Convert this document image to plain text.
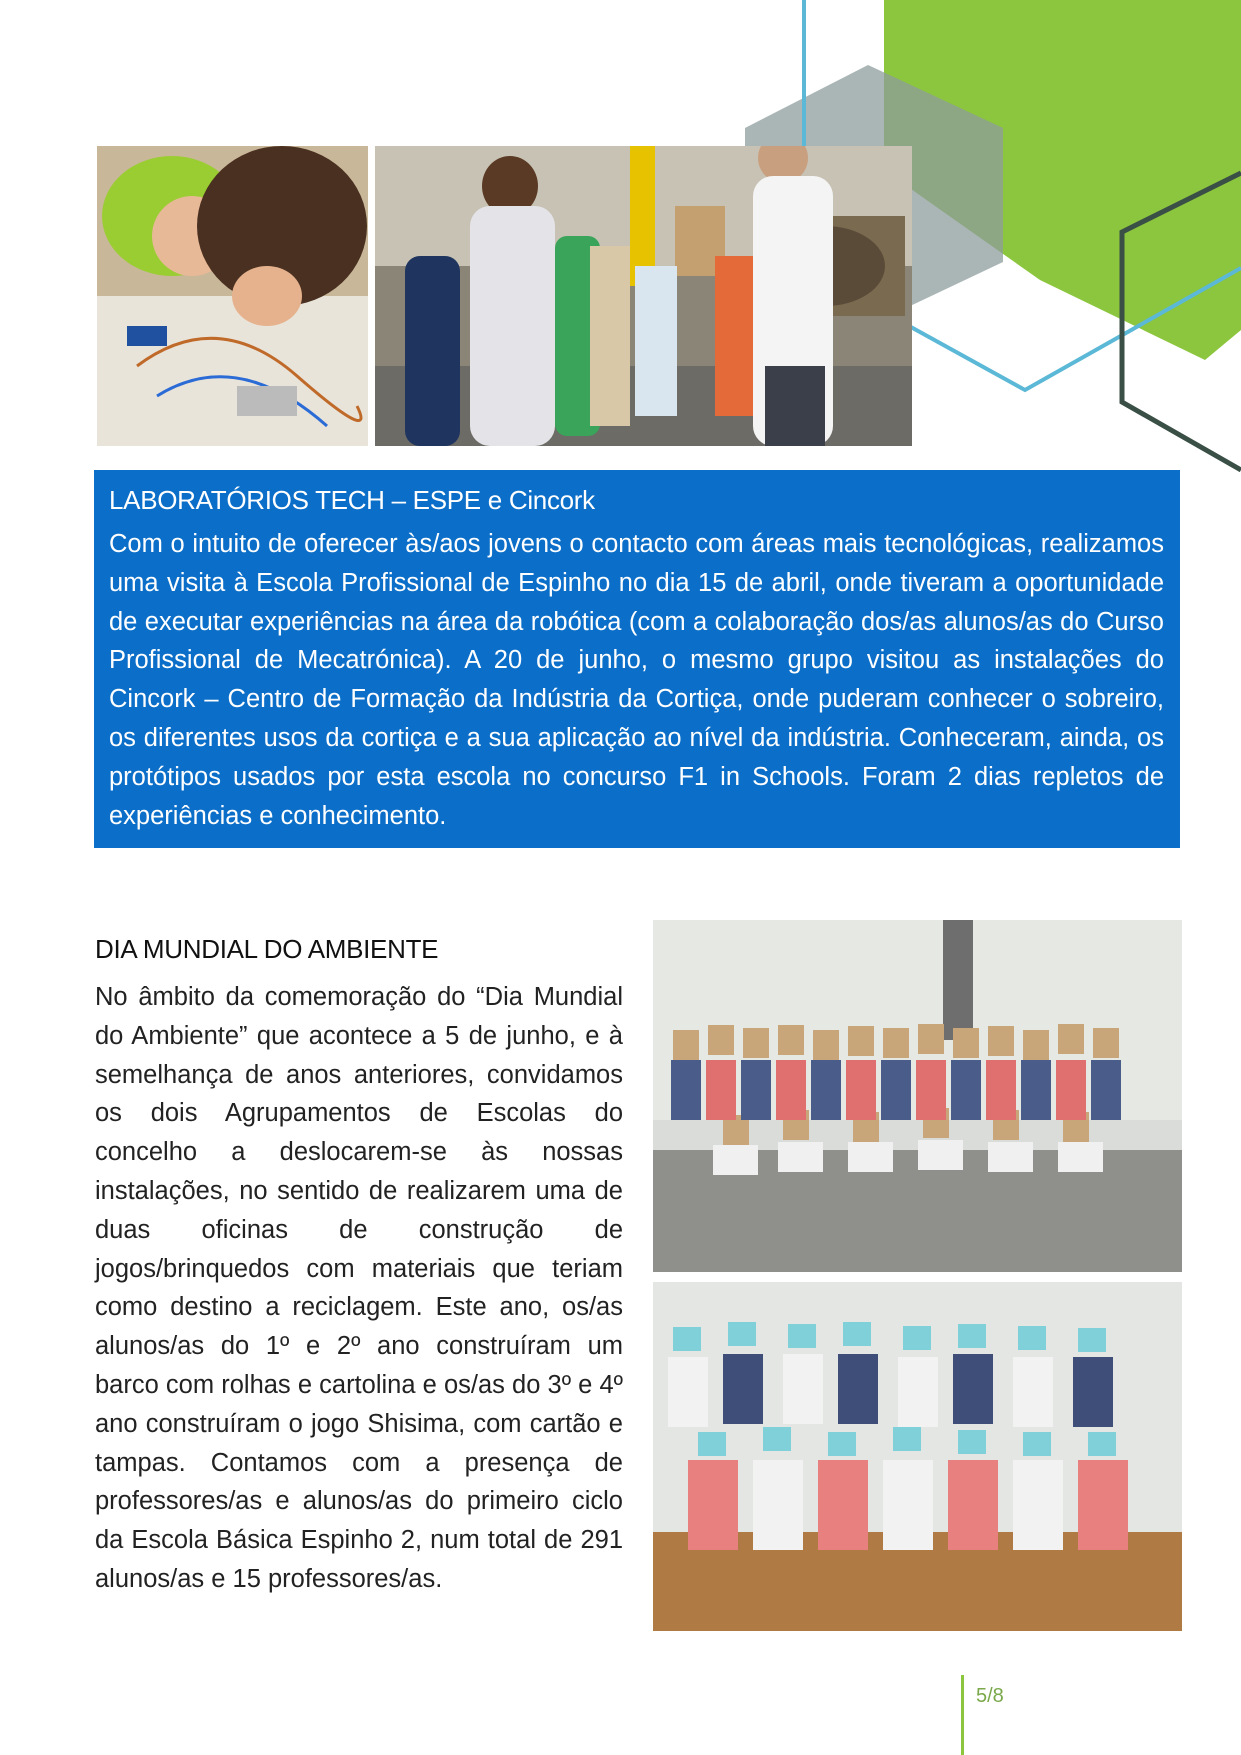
LABORATÓRIOS TECH – ESPE e Cincork

Com o intuito de oferecer às/aos jovens o contacto com áreas mais tecnológicas, realizamos uma visita à Escola Profissional de Espinho no dia 15 de abril, onde tiveram a oportunidade de executar experiências na área da robótica (com a colaboração dos/as alunos/as do Curso Profissional de Mecatrónica). A 20 de junho, o mesmo grupo visitou as instalações do Cincork – Centro de Formação da Indústria da Cortiça, onde puderam conhecer o sobreiro, os diferentes usos da cortiça e a sua aplicação ao nível da indústria. Conheceram, ainda, os protótipos usados por esta escola no concurso F1 in Schools. Foram 2 dias repletos de experiências e conhecimento.

DIA MUNDIAL DO AMBIENTE

No âmbito da comemoração do “Dia Mundial do Ambiente” que acontece a 5 de junho, e à semelhança de anos anteriores, convidamos os dois Agrupamentos de Escolas do concelho a deslocarem-se às nossas instalações, no sentido de realizarem uma de duas oficinas de construção de jogos/brinquedos com materiais que teriam como destino a reciclagem. Este ano, os/as alunos/as do 1º e 2º ano construíram um barco com rolhas e cartolina e os/as do 3º e 4º ano construíram o jogo Shisima, com cartão e tampas. Contamos com a presença de professores/as e alunos/as do primeiro ciclo da Escola Básica Espinho 2, num total de 291 alunos/as e 15 professores/as.

5/8
